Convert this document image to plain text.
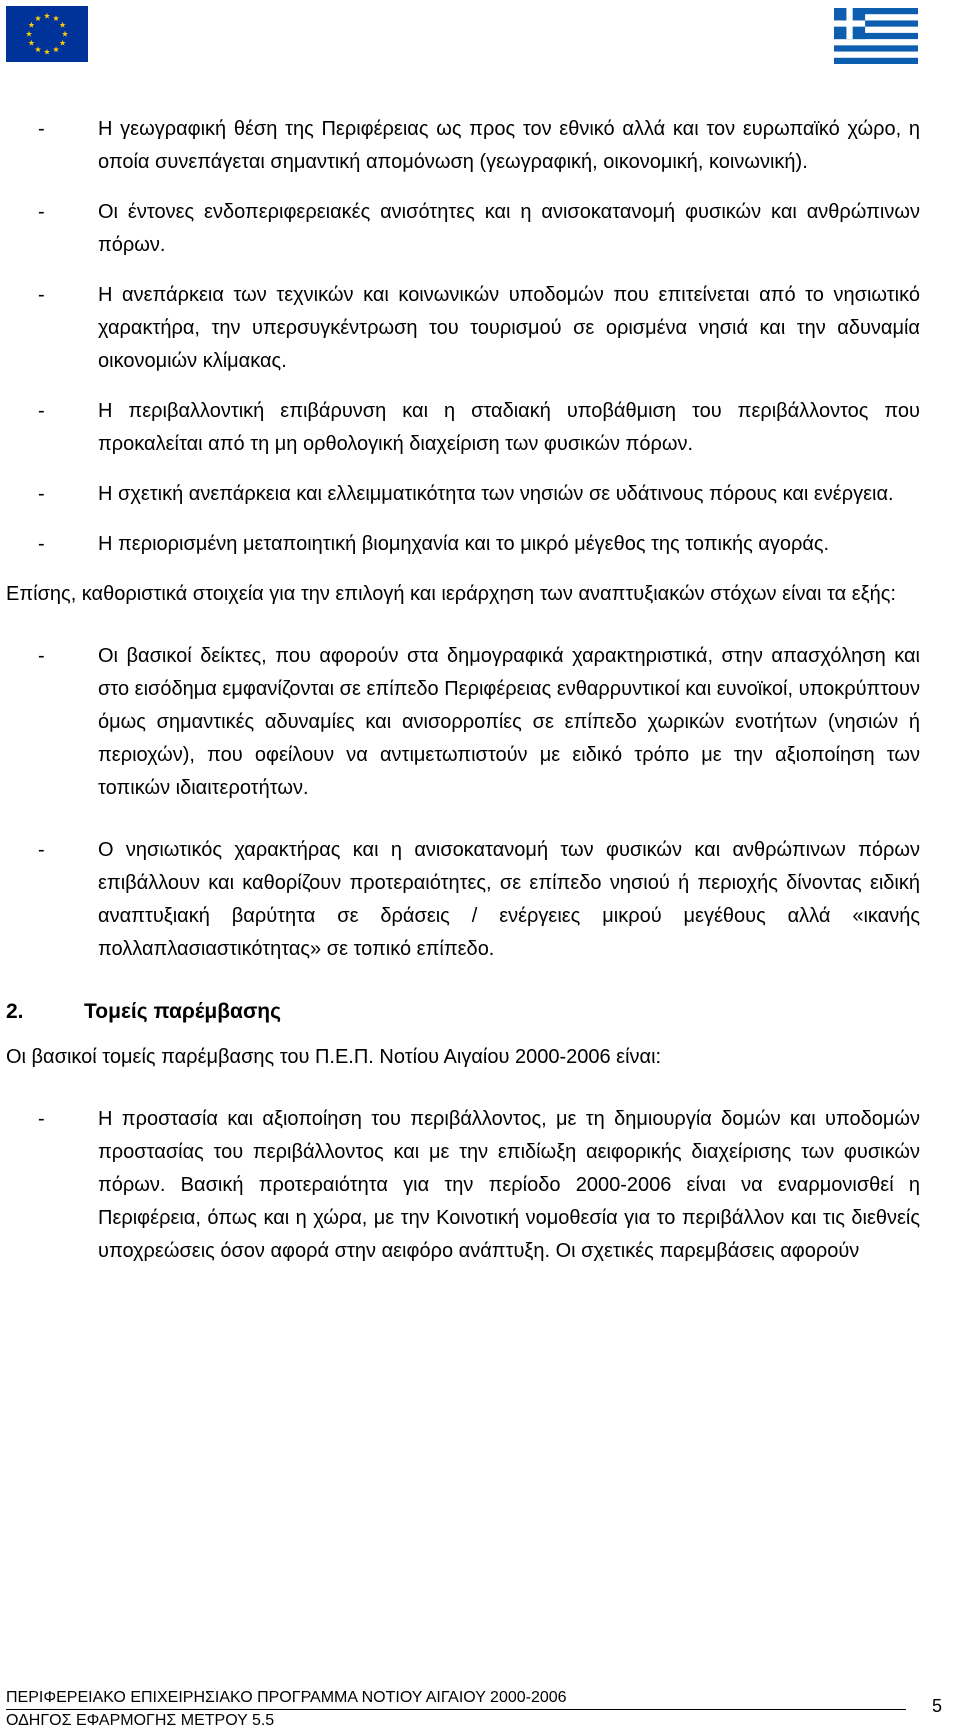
-	Η γεωγραφική θέση της Περιφέρειας ως προς τον εθνικό αλλά και τον ευρωπαϊκό χώρο, η οποία συνεπάγεται σημαντική απομόνωση (γεωγραφική, οικονομική, κοινωνική).
-	Οι έντονες ενδοπεριφερειακές ανισότητες και η ανισοκατανομή φυσικών και ανθρώπινων πόρων.
-	Η ανεπάρκεια των τεχνικών και κοινωνικών υποδομών που επιτείνεται από το νησιωτικό χαρακτήρα, την υπερσυγκέντρωση του τουρισμού σε ορισμένα νησιά και την αδυναμία οικονομιών κλίμακας.
-	Η περιβαλλοντική επιβάρυνση και η σταδιακή υποβάθμιση του περιβάλλοντος που προκαλείται από τη μη ορθολογική διαχείριση των φυσικών πόρων.
-	Η σχετική ανεπάρκεια και ελλειμματικότητα των νησιών σε υδάτινους πόρους και ενέργεια.
-	Η περιορισμένη μεταποιητική βιομηχανία και το μικρό μέγεθος της τοπικής αγοράς.

Επίσης, καθοριστικά στοιχεία για την επιλογή και ιεράρχηση των αναπτυξιακών στόχων είναι τα εξής:

-	Οι βασικοί δείκτες, που αφορούν στα δημογραφικά χαρακτηριστικά, στην απασχόληση και στο εισόδημα εμφανίζονται σε επίπεδο Περιφέρειας ενθαρρυντικοί και ευνοϊκοί, υποκρύπτουν όμως σημαντικές αδυναμίες και ανισορροπίες σε επίπεδο χωρικών ενοτήτων (νησιών ή περιοχών), που οφείλουν να αντιμετωπιστούν με ειδικό τρόπο με την αξιοποίηση των τοπικών ιδιαιτεροτήτων.
-	Ο νησιωτικός χαρακτήρας και η ανισοκατανομή των φυσικών και ανθρώπινων πόρων επιβάλλουν και καθορίζουν προτεραιότητες, σε επίπεδο νησιού ή περιοχής δίνοντας ειδική αναπτυξιακή βαρύτητα σε δράσεις / ενέργειες μικρού μεγέθους αλλά «ικανής πολλαπλασιαστικότητας» σε τοπικό επίπεδο.
2.	Τομείς παρέμβασης

Οι βασικοί τομείς παρέμβασης του Π.Ε.Π. Νοτίου Αιγαίου 2000-2006 είναι:

-	Η προστασία και αξιοποίηση του περιβάλλοντος, με τη δημιουργία δομών και υποδομών προστασίας του περιβάλλοντος και με την επιδίωξη αειφορικής διαχείρισης των φυσικών πόρων. Βασική προτεραιότητα για την περίοδο 2000-2006 είναι να εναρμονισθεί η Περιφέρεια, όπως και η χώρα, με την Κοινοτική νομοθεσία για το περιβάλλον και τις διεθνείς υποχρεώσεις όσον αφορά στην αειφόρο ανάπτυξη. Οι σχετικές παρεμβάσεις αφορούν
ΠΕΡΙΦΕΡΕΙΑΚΟ ΕΠΙΧΕΙΡΗΣΙΑΚΟ ΠΡΟΓΡΑΜΜΑ ΝΟΤΙΟΥ ΑΙΓΑΙΟΥ 2000-2006
ΟΔΗΓΟΣ ΕΦΑΡΜΟΓΗΣ ΜΕΤΡΟΥ 5.5
5
